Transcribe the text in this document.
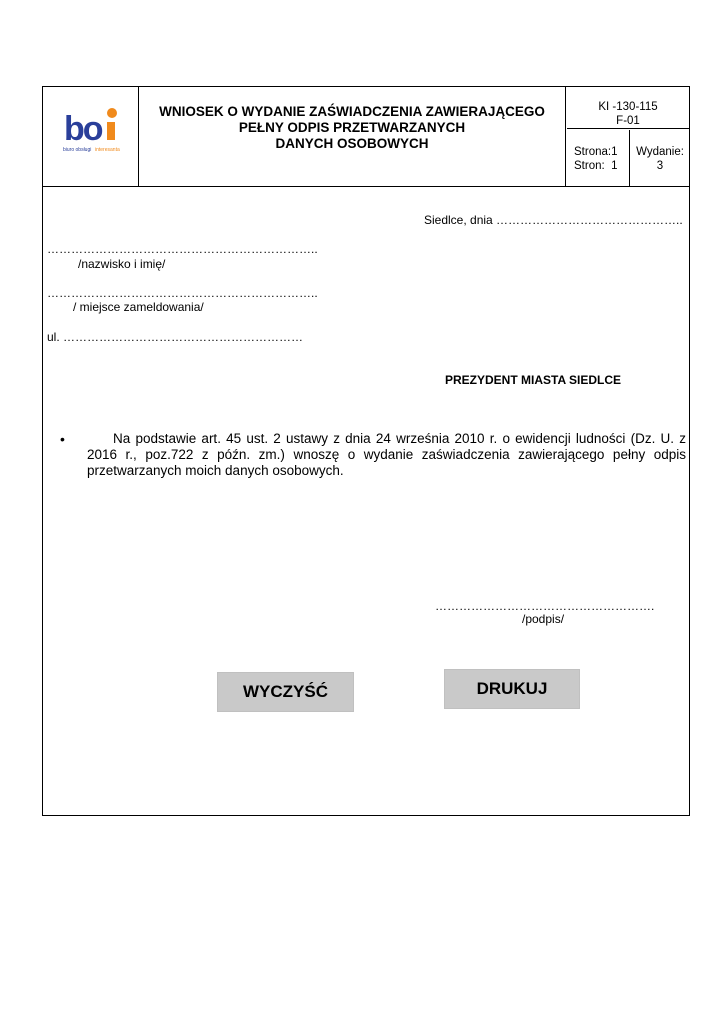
bo
biuro obsługi interesanta
WNIOSEK O WYDANIE ZAŚWIADCZENIA ZAWIERAJĄCEGO
PEŁNY ODPIS PRZETWARZANYCH
DANYCH OSOBOWYCH
KI -130-115
F-01
Strona:1
Stron:  1
Wydanie:
3
Siedlce, dnia ………………………………………..
…………………………………………………………..
/nazwisko i imię/
…………………………………………………………..
/ miejsce zameldowania/
ul. ……………………………………………………
PREZYDENT MIASTA SIEDLCE
•	Na podstawie art. 45 ust. 2 ustawy z dnia 24 września 2010 r. o ewidencji ludności (Dz. U. z 2016 r., poz.722 z późn. zm.) wnoszę o wydanie zaświadczenia zawierającego pełny odpis przetwarzanych moich danych osobowych.
……………………………………………….
/podpis/
WYCZYŚĆ	DRUKUJ
